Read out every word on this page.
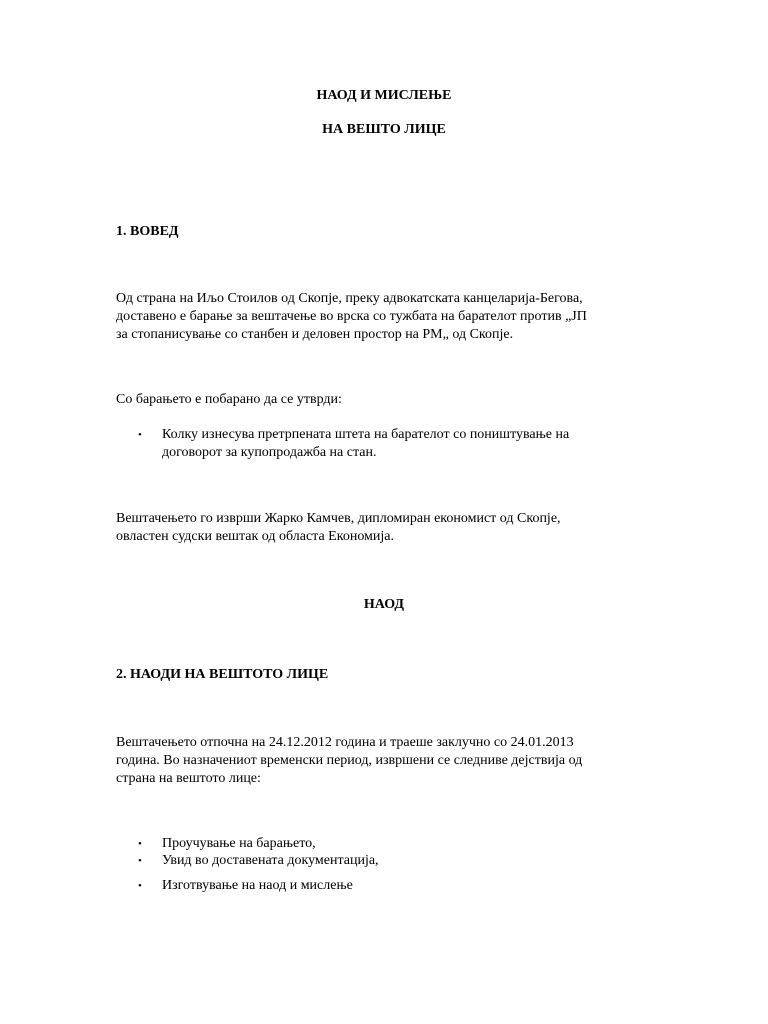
НАОД И МИСЛЕЊЕ
НА ВЕШТО ЛИЦЕ
1. ВОВЕД
Од страна на Иљо Стоилов од Скопје, преку адвокатската канцеларија-Бегова,
доставено е барање за вештачење во врска со тужбата на барателот против „ЈП
за стопанисување со станбен и деловен простор на РМ„ од Скопје.
Со барањето е побарано да се утврди:
•	Колку изнесува претрпената штета на барателот со поништување на
договорот за купопродажба на стан.
Вештачењето го изврши Жарко Камчев, дипломиран економист од Скопје,
овластен судски вештак од областа Економија.
НАОД
2. НАОДИ НА ВЕШТОТО ЛИЦЕ
Вештачењето отпочна на 24.12.2012 година и траеше заклучно со 24.01.2013
година. Во назначениот временски период, извршени се следниве дејствија од
страна на вештото лице:
•	Проучување на барањето,
•	Увид во доставената документација,
•	Изготвување на наод и мислење
